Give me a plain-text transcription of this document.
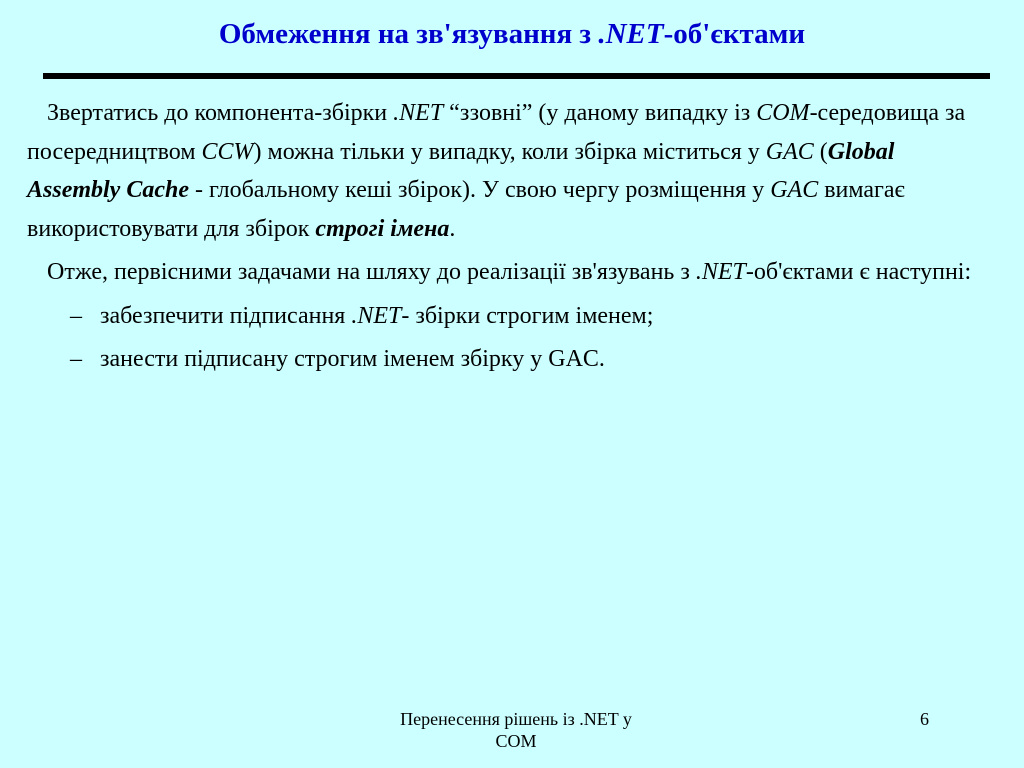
Обмеження на зв'язування з .NET-об'єктами

Звертатись до компонента-збірки .NET “ззовні” (у даному випадку із COM-середовища за посередництвом CCW) можна тільки у випадку, коли збірка міститься у GAC (Global Assembly Cache - глобальному кеші збірок). У свою чергу розміщення у GAC вимагає використовувати для збірок строгі імена.

Отже, первісними задачами на шляху до реалізації зв'язувань з .NET-об'єктами є наступні:

– забезпечити підписання .NET- збірки строгим іменем;

– занести підписану строгим іменем збірку у GAC.

Перенесення рішень із .NET у
COM
6
